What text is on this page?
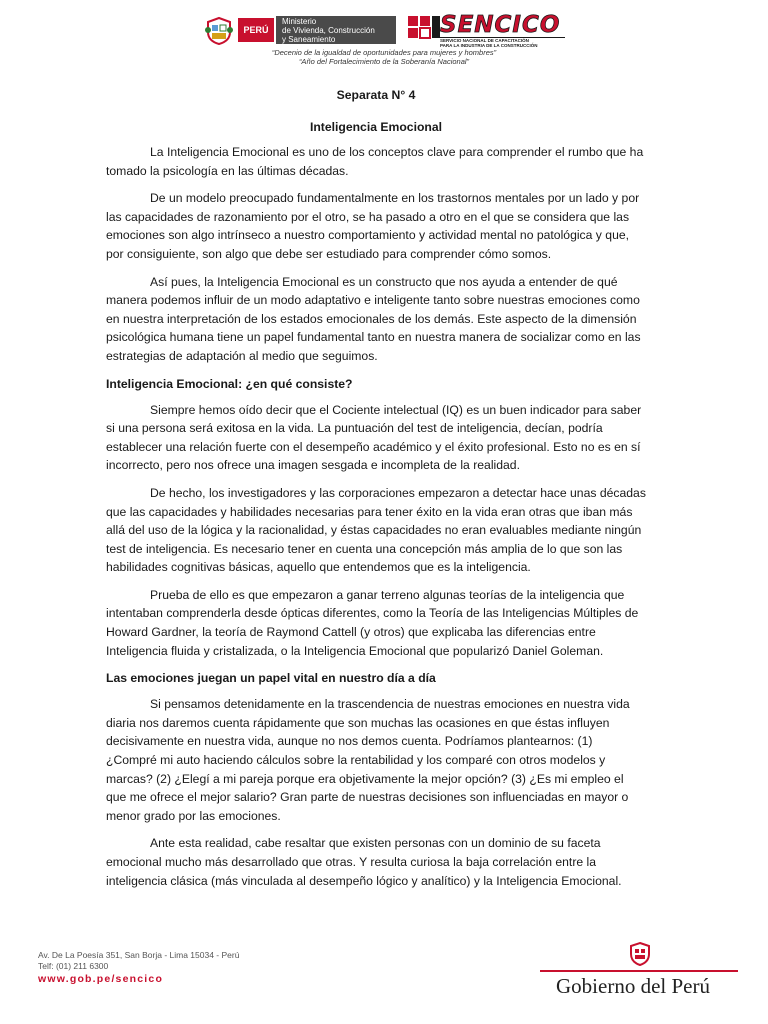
PERÚ
Ministerio
de Vivienda, Construcción
y Saneamiento
SENCICO
SERVICIO NACIONAL DE CAPACITACIÓN
PARA LA INDUSTRIA DE LA CONSTRUCCIÓN
“Decenio de la igualdad de oportunidades para mujeres y hombres”
“Año del Fortalecimiento de la Soberanía Nacional”
Separata N° 4
Inteligencia Emocional

La Inteligencia Emocional es uno de los conceptos clave para comprender el rumbo que ha tomado la psicología en las últimas décadas.

De un modelo preocupado fundamentalmente en los trastornos mentales por un lado y por las capacidades de razonamiento por el otro, se ha pasado a otro en el que se considera que las emociones son algo intrínseco a nuestro comportamiento y actividad mental no patológica y que, por consiguiente, son algo que debe ser estudiado para comprender cómo somos.

Así pues, la Inteligencia Emocional es un constructo que nos ayuda a entender de qué manera podemos influir de un modo adaptativo e inteligente tanto sobre nuestras emociones como en nuestra interpretación de los estados emocionales de los demás. Este aspecto de la dimensión psicológica humana tiene un papel fundamental tanto en nuestra manera de socializar como en las estrategias de adaptación al medio que seguimos.

Inteligencia Emocional: ¿en qué consiste?

Siempre hemos oído decir que el Cociente intelectual (IQ) es un buen indicador para saber si una persona será exitosa en la vida. La puntuación del test de inteligencia, decían, podría establecer una relación fuerte con el desempeño académico y el éxito profesional. Esto no es en sí incorrecto, pero nos ofrece una imagen sesgada e incompleta de la realidad.

De hecho, los investigadores y las corporaciones empezaron a detectar hace unas décadas que las capacidades y habilidades necesarias para tener éxito en la vida eran otras que iban más allá del uso de la lógica y la racionalidad, y éstas capacidades no eran evaluables mediante ningún test de inteligencia. Es necesario tener en cuenta una concepción más amplia de lo que son las habilidades cognitivas básicas, aquello que entendemos que es la inteligencia.

Prueba de ello es que empezaron a ganar terreno algunas teorías de la inteligencia que intentaban comprenderla desde ópticas diferentes, como la Teoría de las Inteligencias Múltiples de Howard Gardner, la teoría de Raymond Cattell (y otros) que explicaba las diferencias entre Inteligencia fluida y cristalizada, o la Inteligencia Emocional que popularizó Daniel Goleman.

Las emociones juegan un papel vital en nuestro día a día

Si pensamos detenidamente en la trascendencia de nuestras emociones en nuestra vida diaria nos daremos cuenta rápidamente que son muchas las ocasiones en que éstas influyen decisivamente en nuestra vida, aunque no nos demos cuenta. Podríamos plantearnos: (1) ¿Compré mi auto haciendo cálculos sobre la rentabilidad y los comparé con otros modelos y marcas? (2) ¿Elegí a mi pareja porque era objetivamente la mejor opción? (3) ¿Es mi empleo el que me ofrece el mejor salario? Gran parte de nuestras decisiones son influenciadas en mayor o menor grado por las emociones.

Ante esta realidad, cabe resaltar que existen personas con un dominio de su faceta emocional mucho más desarrollado que otras. Y resulta curiosa la baja correlación entre la inteligencia clásica (más vinculada al desempeño lógico y analítico) y la Inteligencia Emocional.

Av. De La Poesía 351, San Borja - Lima 15034 - Perú
Telf: (01) 211 6300
www.gob.pe/sencico	Gobierno del Perú
